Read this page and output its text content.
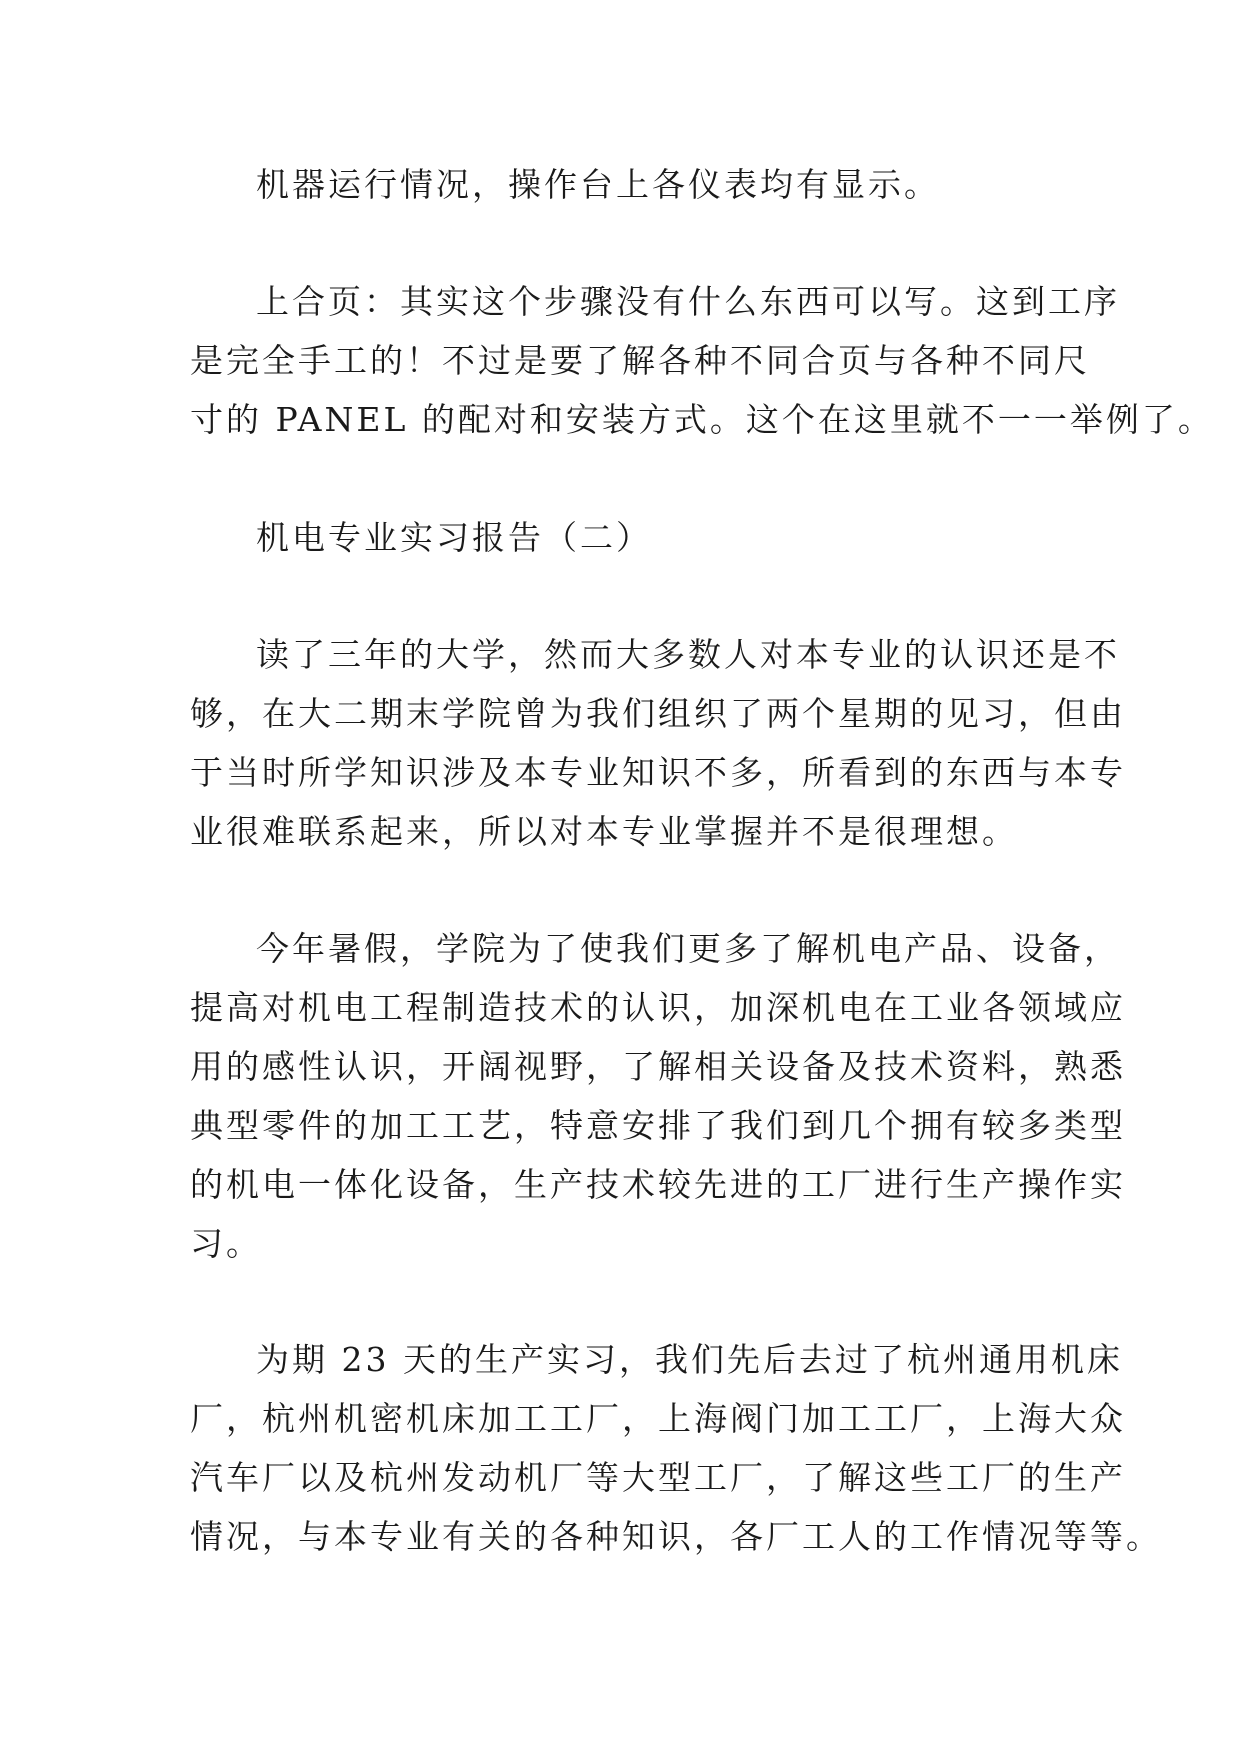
机器运行情况，操作台上各仪表均有显示。
上合页：其实这个步骤没有什么东西可以写。这到工序
是完全手工的！不过是要了解各种不同合页与各种不同尺
寸的 PANEL 的配对和安装方式。这个在这里就不一一举例了。
机电专业实习报告（二）
读了三年的大学，然而大多数人对本专业的认识还是不
够，在大二期末学院曾为我们组织了两个星期的见习，但由
于当时所学知识涉及本专业知识不多，所看到的东西与本专
业很难联系起来，所以对本专业掌握并不是很理想。
今年暑假，学院为了使我们更多了解机电产品、设备，
提高对机电工程制造技术的认识，加深机电在工业各领域应
用的感性认识，开阔视野，了解相关设备及技术资料，熟悉
典型零件的加工工艺，特意安排了我们到几个拥有较多类型
的机电一体化设备，生产技术较先进的工厂进行生产操作实
习。
为期 23 天的生产实习，我们先后去过了杭州通用机床
厂，杭州机密机床加工工厂，上海阀门加工工厂，上海大众
汽车厂以及杭州发动机厂等大型工厂，了解这些工厂的生产
情况，与本专业有关的各种知识，各厂工人的工作情况等等。
